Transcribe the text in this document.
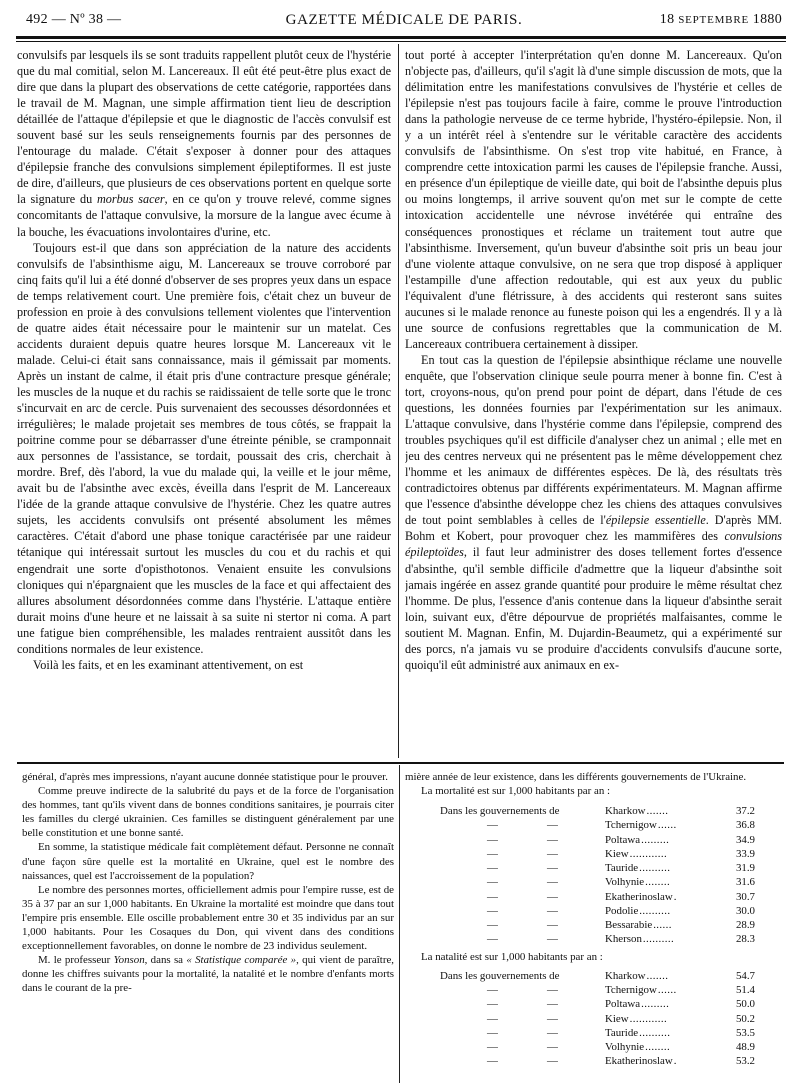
492 — Nº 38 —	GAZETTE MÉDICALE DE PARIS.	18 SEPTEMBRE 1880

convulsifs par lesquels ils se sont traduits rappellent plutôt ceux de l'hystérie que du mal comitial, selon M. Lancereaux. Il eût été peut-être plus exact de dire que dans la plupart des observations de cette catégorie, rapportées dans le travail de M. Magnan, une simple affirmation tient lieu de description détaillée de l'attaque d'épilepsie et que le diagnostic de l'accès convulsif est souvent basé sur les seuls renseignements fournis par des personnes de l'entourage du malade. C'était s'exposer à donner pour des attaques d'épilepsie franche des convulsions simplement épileptiformes. Il est juste de dire, d'ailleurs, que plusieurs de ces observations portent en quelque sorte la signature du morbus sacer, en ce qu'on y trouve relevé, comme signes concomitants de l'attaque convulsive, la morsure de la langue avec écume à la bouche, les évacuations involontaires d'urine, etc.

Toujours est-il que dans son appréciation de la nature des accidents convulsifs de l'absinthisme aigu, M. Lancereaux se trouve corroboré par cinq faits qu'il lui a été donné d'observer de ses propres yeux dans un espace de temps relativement court. Une première fois, c'était chez un buveur de profession en proie à des convulsions tellement violentes que l'intervention de quatre aides était nécessaire pour le maintenir sur un matelat. Ces accidents duraient depuis quatre heures lorsque M. Lancereaux vit le malade. Celui-ci était sans connaissance, mais il gémissait par moments. Après un instant de calme, il était pris d'une contracture presque générale; les muscles de la nuque et du rachis se raidissaient de telle sorte que le tronc s'incurvait en arc de cercle. Puis survenaient des secousses désordonnées et irrégulières; le malade projetait ses membres de tous côtés, se frappait la poitrine comme pour se débarrasser d'une étreinte pénible, se cramponnait aux personnes de l'assistance, se tordait, poussait des cris, cherchait à mordre. Bref, dès l'abord, la vue du malade qui, la veille et le jour même, avait bu de l'absinthe avec excès, éveilla dans l'esprit de M. Lancereaux l'idée de la grande attaque convulsive de l'hystérie. Chez les quatre autres sujets, les accidents convulsifs ont présenté absolument les mêmes caractères. C'était d'abord une phase tonique caractérisée par une raideur tétanique qui intéressait surtout les muscles du cou et du rachis et qui engendrait une sorte d'opisthotonos. Venaient ensuite les convulsions cloniques qui n'épargnaient que les muscles de la face et qui affectaient des allures absolument désordonnées comme dans l'hystérie. L'attaque entière durait moins d'une heure et ne laissait à sa suite ni stertor ni coma. A part une fatigue bien compréhensible, les malades rentraient aussitôt dans les conditions normales de leur existence.

Voilà les faits, et en les examinant attentivement, on est

tout porté à accepter l'interprétation qu'en donne M. Lancereaux. Qu'on n'objecte pas, d'ailleurs, qu'il s'agit là d'une simple discussion de mots, que la délimitation entre les manifestations convulsives de l'hystérie et celles de l'épilepsie n'est pas toujours facile à faire, comme le prouve l'introduction dans la pathologie nerveuse de ce terme hybride, l'hystéro-épilepsie. Non, il y a un intérêt réel à s'entendre sur le véritable caractère des accidents convulsifs de l'absinthisme. On s'est trop vite habitué, en France, à comprendre cette intoxication parmi les causes de l'épilepsie franche. Aussi, en présence d'un épileptique de vieille date, qui boit de l'absinthe depuis plus ou moins longtemps, il arrive souvent qu'on met sur le compte de cette intoxication accidentelle une névrose invétérée qui entraîne des conséquences pronostiques et réclame un traitement tout autre que l'absinthisme. Inversement, qu'un buveur d'absinthe soit pris un beau jour d'une violente attaque convulsive, on ne sera que trop disposé à appliquer l'estampille d'une affection redoutable, qui est aux yeux du public l'équivalent d'une flétrissure, à des accidents qui resteront sans suites aucunes si le malade renonce au funeste poison qui les a engendrés. Il y a là une source de confusions regrettables que la communication de M. Lancereaux contribuera certainement à dissiper.

En tout cas la question de l'épilepsie absinthique réclame une nouvelle enquête, que l'observation clinique seule pourra mener à bonne fin. C'est à tort, croyons-nous, qu'on prend pour point de départ, dans l'étude de ces questions, les données fournies par l'expérimentation sur les animaux. L'attaque convulsive, dans l'hystérie comme dans l'épilepsie, comprend des troubles psychiques qu'il est difficile d'analyser chez un animal ; elle met en jeu des centres nerveux qui ne présentent pas le même développement chez l'homme et les animaux de différentes espèces. De là, des résultats très contradictoires obtenus par différents expérimentateurs. M. Magnan affirme que l'essence d'absinthe développe chez les chiens des attaques convulsives de tout point semblables à celles de l'épilepsie essentielle. D'après MM. Bohm et Kobert, pour provoquer chez les mammifères des convulsions épileptoïdes, il faut leur administrer des doses tellement fortes d'essence d'absinthe, qu'il semble difficile d'admettre que la liqueur d'absinthe soit jamais ingérée en assez grande quantité pour produire le même résultat chez l'homme. De plus, l'essence d'anis contenue dans la liqueur d'absinthe serait loin, suivant eux, d'être dépourvue de propriétés malfaisantes, comme le soutient M. Magnan. Enfin, M. Dujardin-Beaumetz, qui a expérimenté sur des porcs, n'a jamais vu se produire d'accidents convulsifs d'aucune sorte, quoiqu'il eût administré aux animaux en ex-

général, d'après mes impressions, n'ayant aucune donnée statistique pour le prouver.

Comme preuve indirecte de la salubrité du pays et de la force de l'organisation des hommes, tant qu'ils vivent dans de bonnes conditions sanitaires, je pourrais citer les familles du clergé ukrainien. Ces familles se distinguent généralement par une belle constitution et une bonne santé.

En somme, la statistique médicale fait complètement défaut. Personne ne connaît d'une façon sûre quelle est la mortalité en Ukraine, quel est le nombre des naissances, quel est l'accroissement de la population?

Le nombre des personnes mortes, officiellement admis pour l'empire russe, est de 35 à 37 par an sur 1,000 habitants. En Ukraine la mortalité est moindre que dans tout l'empire pris ensemble. Elle oscille probablement entre 30 et 35 individus par an sur 1,000 habitants. Pour les Cosaques du Don, qui vivent dans des conditions exceptionnellement favorables, on donne le nombre de 23 individus seulement.

M. le professeur Yonson, dans sa « Statistique comparée », qui vient de paraître, donne les chiffres suivants pour la mortalité, la natalité et le nombre d'enfants morts dans le courant de la pre-

mière année de leur existence, dans les différents gouvernements de l'Ukraine.

La mortalité est sur 1,000 habitants par an :

Dans les gouvernements de	Kharkow .......	37.2
—	—	Tchernigow ......	36.8
—	—	Poltawa .........	34.9
—	—	Kiew ............	33.9
—	—	Tauride ..........	31.9
—	—	Volhynie ........	31.6
—	—	Ekatherinoslaw .	30.7
—	—	Podolie ..........	30.0
—	—	Bessarabie ......	28.9
—	—	Kherson ..........	28.3

La natalité est sur 1,000 habitants par an :

Dans les gouvernements de	Kharkow .......	54.7
—	—	Tchernigow ......	51.4
—	—	Poltawa .........	50.0
—	—	Kiew ............	50.2
—	—	Tauride ..........	53.5
—	—	Volhynie ........	48.9
—	—	Ekatherinoslaw .	53.2
